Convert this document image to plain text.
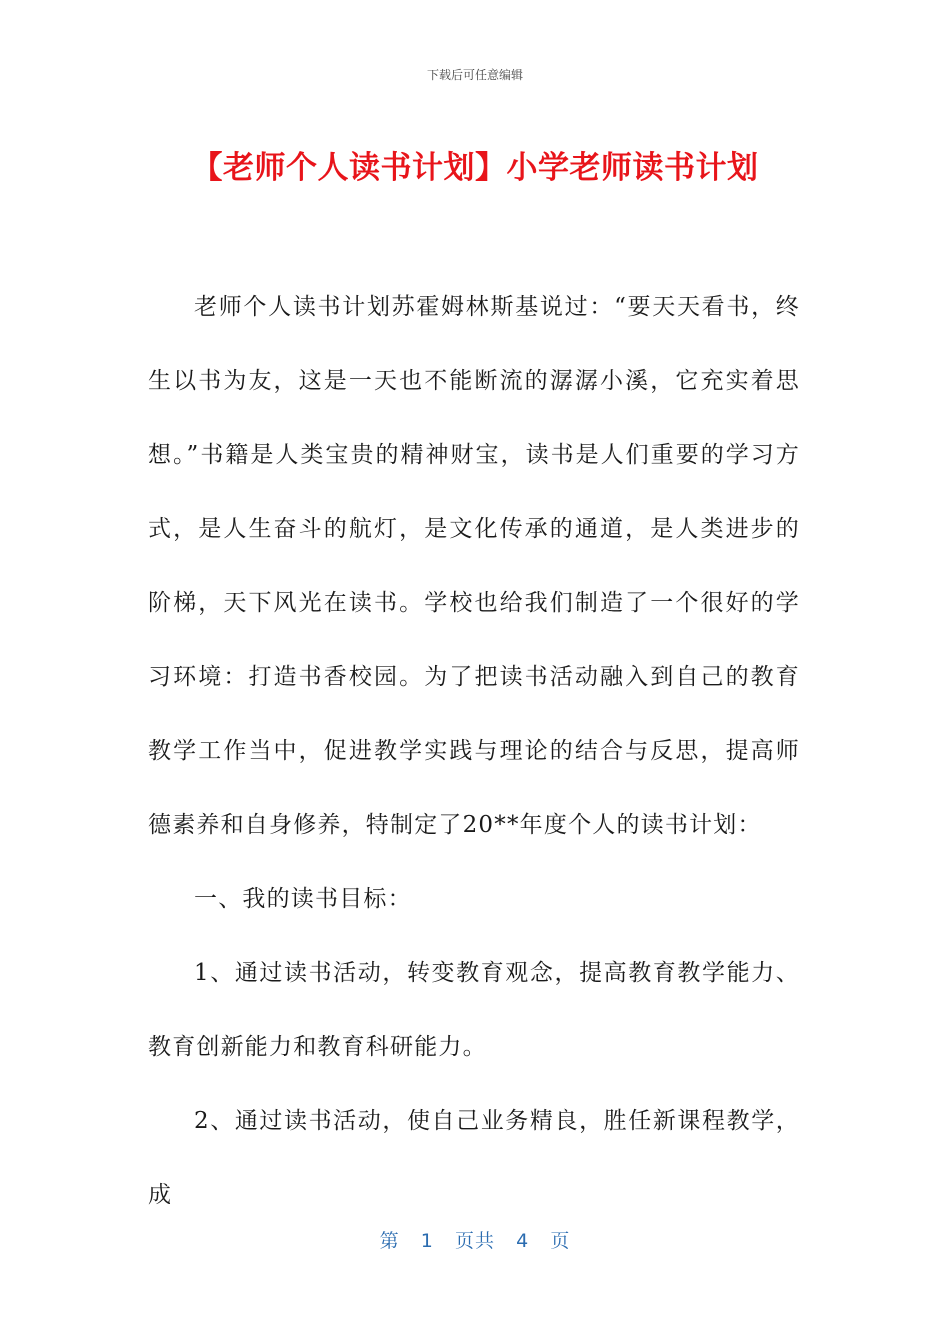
下载后可任意编辑
【老师个人读书计划】小学老师读书计划

老师个人读书计划苏霍姆林斯基说过：“要天天看书，终生以书为友，这是一天也不能断流的潺潺小溪，它充实着思想。”书籍是人类宝贵的精神财宝，读书是人们重要的学习方式，是人生奋斗的航灯，是文化传承的通道，是人类进步的阶梯，天下风光在读书。学校也给我们制造了一个很好的学习环境：打造书香校园。为了把读书活动融入到自己的教育教学工作当中，促进教学实践与理论的结合与反思，提高师德素养和自身修养，特制定了20**年度个人的读书计划：

一、我的读书目标：

1、通过读书活动，转变教育观念，提高教育教学能力、教育创新能力和教育科研能力。

2、通过读书活动，使自己业务精良，胜任新课程教学，成

第 1 页共 4 页
